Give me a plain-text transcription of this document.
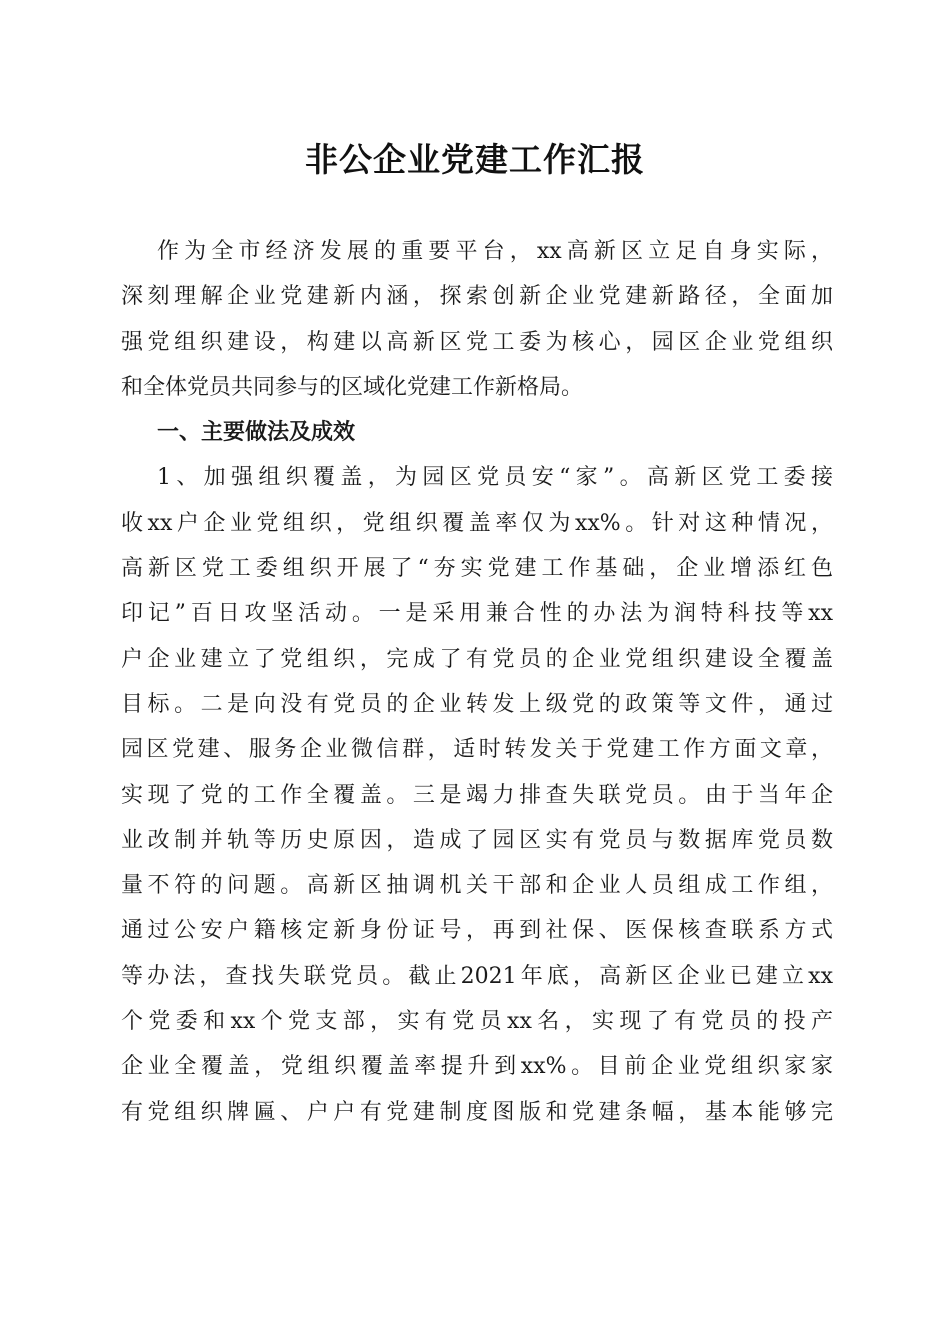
非公企业党建工作汇报
作为全市经济发展的重要平台，xx高新区立足自身实际，
深刻理解企业党建新内涵，探索创新企业党建新路径，全面加
强党组织建设，构建以高新区党工委为核心，园区企业党组织
和全体党员共同参与的区域化党建工作新格局。
一、主要做法及成效
1、加强组织覆盖，为园区党员安“家”。高新区党工委接
收xx户企业党组织，党组织覆盖率仅为xx%。针对这种情况，
高新区党工委组织开展了“夯实党建工作基础，企业增添红色
印记”百日攻坚活动。一是采用兼合性的办法为润特科技等xx
户企业建立了党组织，完成了有党员的企业党组织建设全覆盖
目标。二是向没有党员的企业转发上级党的政策等文件，通过
园区党建、服务企业微信群，适时转发关于党建工作方面文章，
实现了党的工作全覆盖。三是竭力排查失联党员。由于当年企
业改制并轨等历史原因，造成了园区实有党员与数据库党员数
量不符的问题。高新区抽调机关干部和企业人员组成工作组，
通过公安户籍核定新身份证号，再到社保、医保核查联系方式
等办法，查找失联党员。截止2021年底，高新区企业已建立xx
个党委和xx个党支部，实有党员xx名，实现了有党员的投产
企业全覆盖，党组织覆盖率提升到xx%。目前企业党组织家家
有党组织牌匾、户户有党建制度图版和党建条幅，基本能够完
